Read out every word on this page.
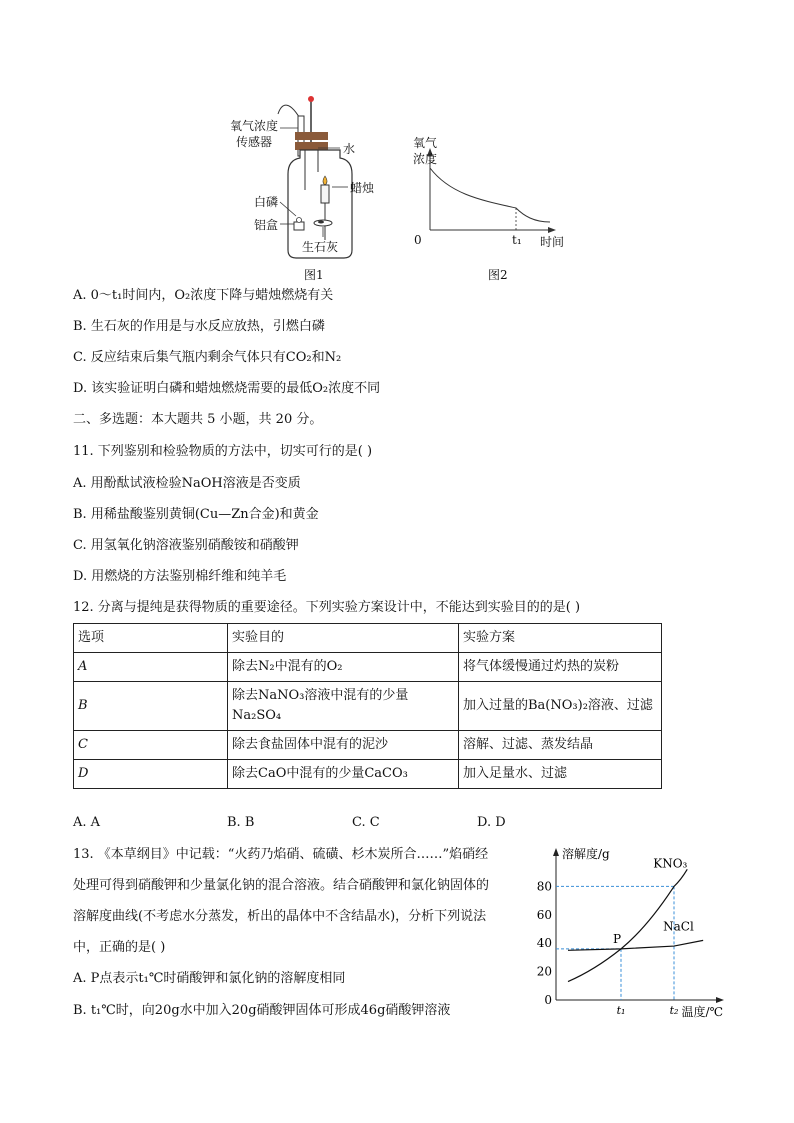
氧气浓度
传感器	水
蜡烛
白磷
铝盒
生石灰
图1
氧气
浓度
0	t₁ 时间
图2
A. 0～t₁时间内，O₂浓度下降与蜡烛燃烧有关
B. 生石灰的作用是与水反应放热，引燃白磷
C. 反应结束后集气瓶内剩余气体只有CO₂和N₂
D. 该实验证明白磷和蜡烛燃烧需要的最低O₂浓度不同
二、多选题：本大题共 5 小题，共 20 分。
11. 下列鉴别和检验物质的方法中，切实可行的是( )
A. 用酚酞试液检验NaOH溶液是否变质
B. 用稀盐酸鉴别黄铜(Cu—Zn合金)和黄金
C. 用氢氧化钠溶液鉴别硝酸铵和硝酸钾
D. 用燃烧的方法鉴别棉纤维和纯羊毛
12. 分离与提纯是获得物质的重要途径。下列实验方案设计中，不能达到实验目的的是( )
选项	实验目的	实验方案
A	除去N₂中混有的O₂	将气体缓慢通过灼热的炭粉
B	除去NaNO₃溶液中混有的少量Na₂SO₄	加入过量的Ba(NO₃)₂溶液、过滤
C	除去食盐固体中混有的泥沙	溶解、过滤、蒸发结晶
D	除去CaO中混有的少量CaCO₃	加入足量水、过滤
A. A	B. B	C. C	D. D
13. 《本草纲目》中记载：“火药乃焰硝、硫磺、杉木炭所合……”焰硝经
处理可得到硝酸钾和少量氯化钠的混合溶液。结合硝酸钾和氯化钠固体的
溶解度曲线(不考虑水分蒸发，析出的晶体中不含结晶水)，分析下列说法
中，正确的是( )
A. P点表示t₁℃时硝酸钾和氯化钠的溶解度相同
B. t₁℃时，向20g水中加入20g硝酸钾固体可形成46g硝酸钾溶液
0
20
40
60
80
t₁	t₂
溶解度/g
温度/℃
KNO₃
NaCl
P
